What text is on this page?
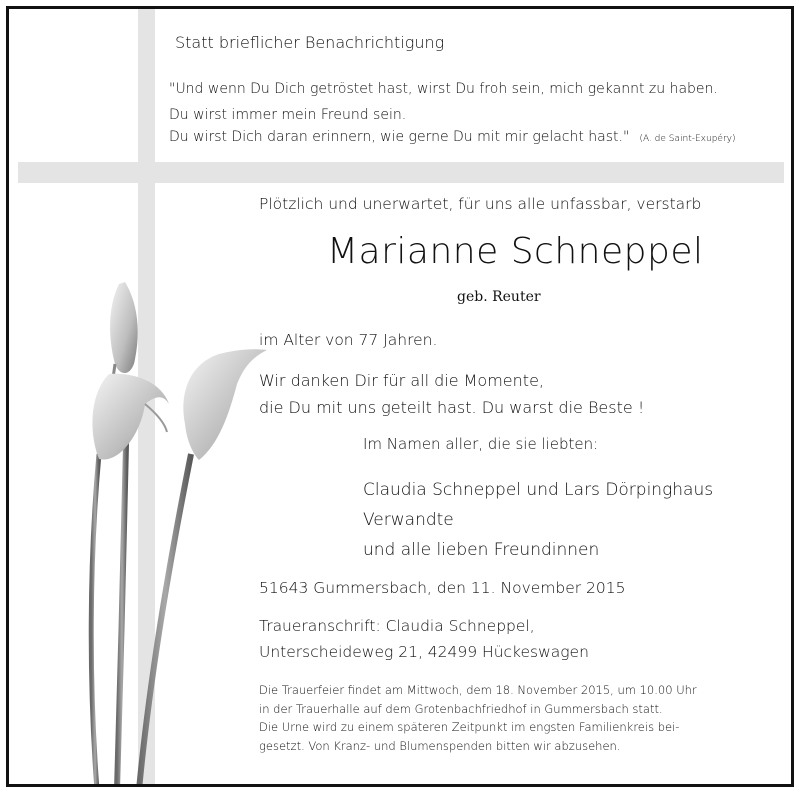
Statt brieflicher Benachrichtigung
"Und wenn Du Dich getröstet hast, wirst Du froh sein, mich gekannt zu haben.
Du wirst immer mein Freund sein.
Du wirst Dich daran erinnern, wie gerne Du mit mir gelacht hast." (A. de Saint-Exupéry)
Plötzlich und unerwartet, für uns alle unfassbar, verstarb
Marianne Schneppel
geb. Reuter
im Alter von 77 Jahren.
Wir danken Dir für all die Momente,
die Du mit uns geteilt hast. Du warst die Beste !
Im Namen aller, die sie liebten:
Claudia Schneppel und Lars Dörpinghaus
Verwandte
und alle lieben Freundinnen
51643 Gummersbach, den 11. November 2015
Traueranschrift: Claudia Schneppel,
Unterscheideweg 21, 42499 Hückeswagen
Die Trauerfeier findet am Mittwoch, dem 18. November 2015, um 10.00 Uhr
in der Trauerhalle auf dem Grotenbachfriedhof in Gummersbach statt.
Die Urne wird zu einem späteren Zeitpunkt im engsten Familienkreis bei-
gesetzt. Von Kranz- und Blumenspenden bitten wir abzusehen.
